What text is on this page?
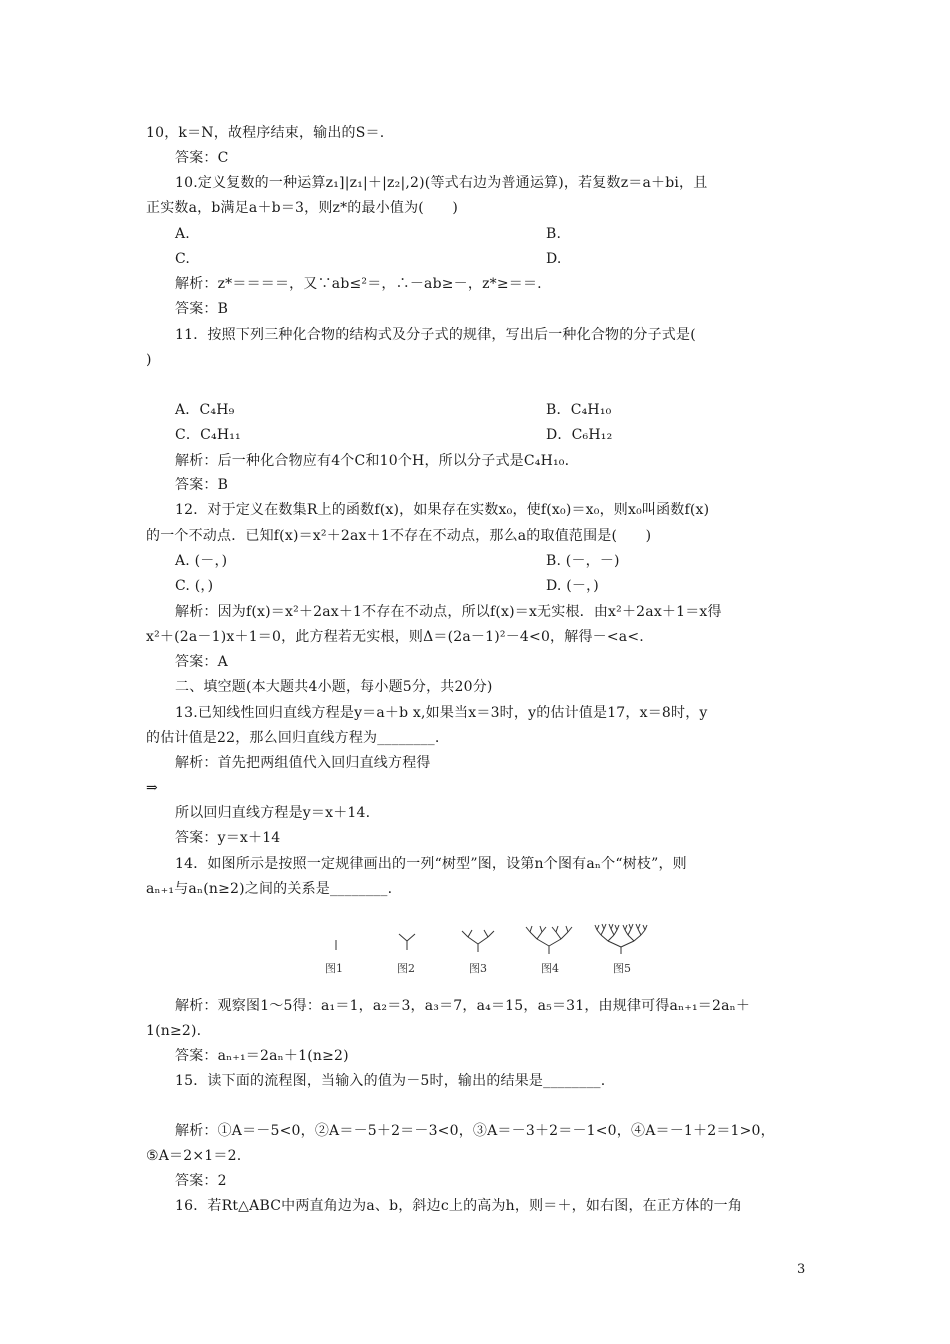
10，k＝N，故程序结束，输出的S＝.
答案：C
10.定义复数的一种运算z₁]|z₁|＋|z₂|,2)(等式右边为普通运算)，若复数z＝a＋bi，且
正实数a，b满足a＋b＝3，则z*的最小值为(　　)
A.	B.
C.	D.
解析：z*＝＝＝＝，又∵ab≤²＝，∴－ab≥－，z*≥＝＝.
答案：B
11．按照下列三种化合物的结构式及分子式的规律，写出后一种化合物的分子式是(
)
A．C₄H₉	B．C₄H₁₀
C．C₄H₁₁	D．C₆H₁₂
解析：后一种化合物应有4个C和10个H，所以分子式是C₄H₁₀.
答案：B
12．对于定义在数集R上的函数f(x)，如果存在实数x₀，使f(x₀)＝x₀，则x₀叫函数f(x)
的一个不动点．已知f(x)＝x²＋2ax＋1不存在不动点，那么a的取值范围是(　　)
A. (－，)	B. (－，－)
C. (，)	D. (－，)
解析：因为f(x)＝x²＋2ax＋1不存在不动点，所以f(x)＝x无实根．由x²＋2ax＋1＝x得
x²＋(2a－1)x＋1＝0，此方程若无实根，则Δ＝(2a－1)²－4<0，解得－<a<.
答案：A
二、填空题(本大题共4小题，每小题5分，共20分)
13.已知线性回归直线方程是y＝a＋b x,如果当x＝3时，y的估计值是17，x＝8时，y
的估计值是22，那么回归直线方程为________.
解析：首先把两组值代入回归直线方程得
⇒
所以回归直线方程是y＝x＋14.
答案：y＝x＋14
14．如图所示是按照一定规律画出的一列“树型”图，设第n个图有aₙ个“树枝”，则
aₙ₊₁与aₙ(n≥2)之间的关系是________.
图1	图2	图3	图4	图5
解析：观察图1～5得：a₁＝1，a₂＝3，a₃＝7，a₄＝15，a₅＝31，由规律可得aₙ₊₁＝2aₙ＋
1(n≥2).
答案：aₙ₊₁＝2aₙ＋1(n≥2)
15．读下面的流程图，当输入的值为－5时，输出的结果是________.
解析：①A＝－5<0，②A＝－5＋2＝－3<0，③A＝－3＋2＝－1<0，④A＝－1＋2＝1>0，
⑤A＝2×1＝2.
答案：2
16．若Rt△ABC中两直角边为a、b，斜边c上的高为h，则＝＋，如右图，在正方体的一角
3
